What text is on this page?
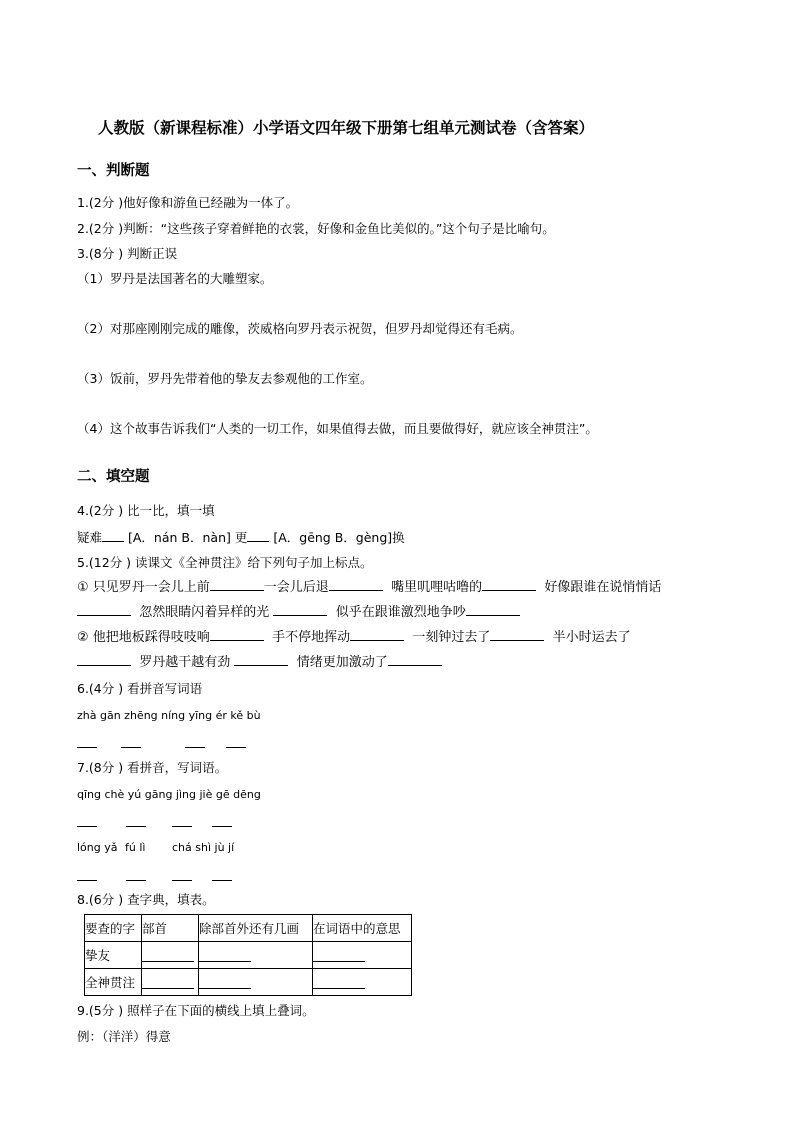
人教版（新课程标准）小学语文四年级下册第七组单元测试卷（含答案）
一、判断题
1.(2分 )他好像和游鱼已经融为一体了。
2.(2分 )判断：“这些孩子穿着鲜艳的衣裳，好像和金鱼比美似的。”这个句子是比喻句。
3.(8分 ) 判断正误
（1）罗丹是法国著名的大雕塑家。
（2）对那座刚刚完成的雕像，茨威格向罗丹表示祝贺，但罗丹却觉得还有毛病。
（3）饭前，罗丹先带着他的挚友去参观他的工作室。
（4）这个故事告诉我们“人类的一切工作，如果值得去做，而且要做得好，就应该全神贯注”。
二、填空题
4.(2分 ) 比一比，填一填
疑难 [A．nán B．nàn] 更 [A．gēng B．gèng]换
5.(12分 ) 读课文《全神贯注》给下列句子加上标点。
① 只见罗丹一会儿上前	一会儿后退	嘴里叽哩咕噜的	好像跟谁在说悄悄话
忽然眼睛闪着异样的光	似乎在跟谁激烈地争吵
② 他把地板踩得吱吱响	手不停地挥动	一刻钟过去了	半小时运去了
罗丹越干越有劲	情绪更加激动了
6.(4分 ) 看拼音写词语
zhà gān zhēng níng yīng ér kě bù
7.(8分 ) 看拼音，写词语。
qīng chè yú gāng jìng jiè gē dēng
lóng yǎ fú lì chá shì jù jí
8.(6分 ) 查字典，填表。
要查的字	部首	除部首外还有几画	在词语中的意思
挚友	

全神贯注	

9.(5分 ) 照样子在下面的横线上填上叠词。
例：（洋洋）得意
